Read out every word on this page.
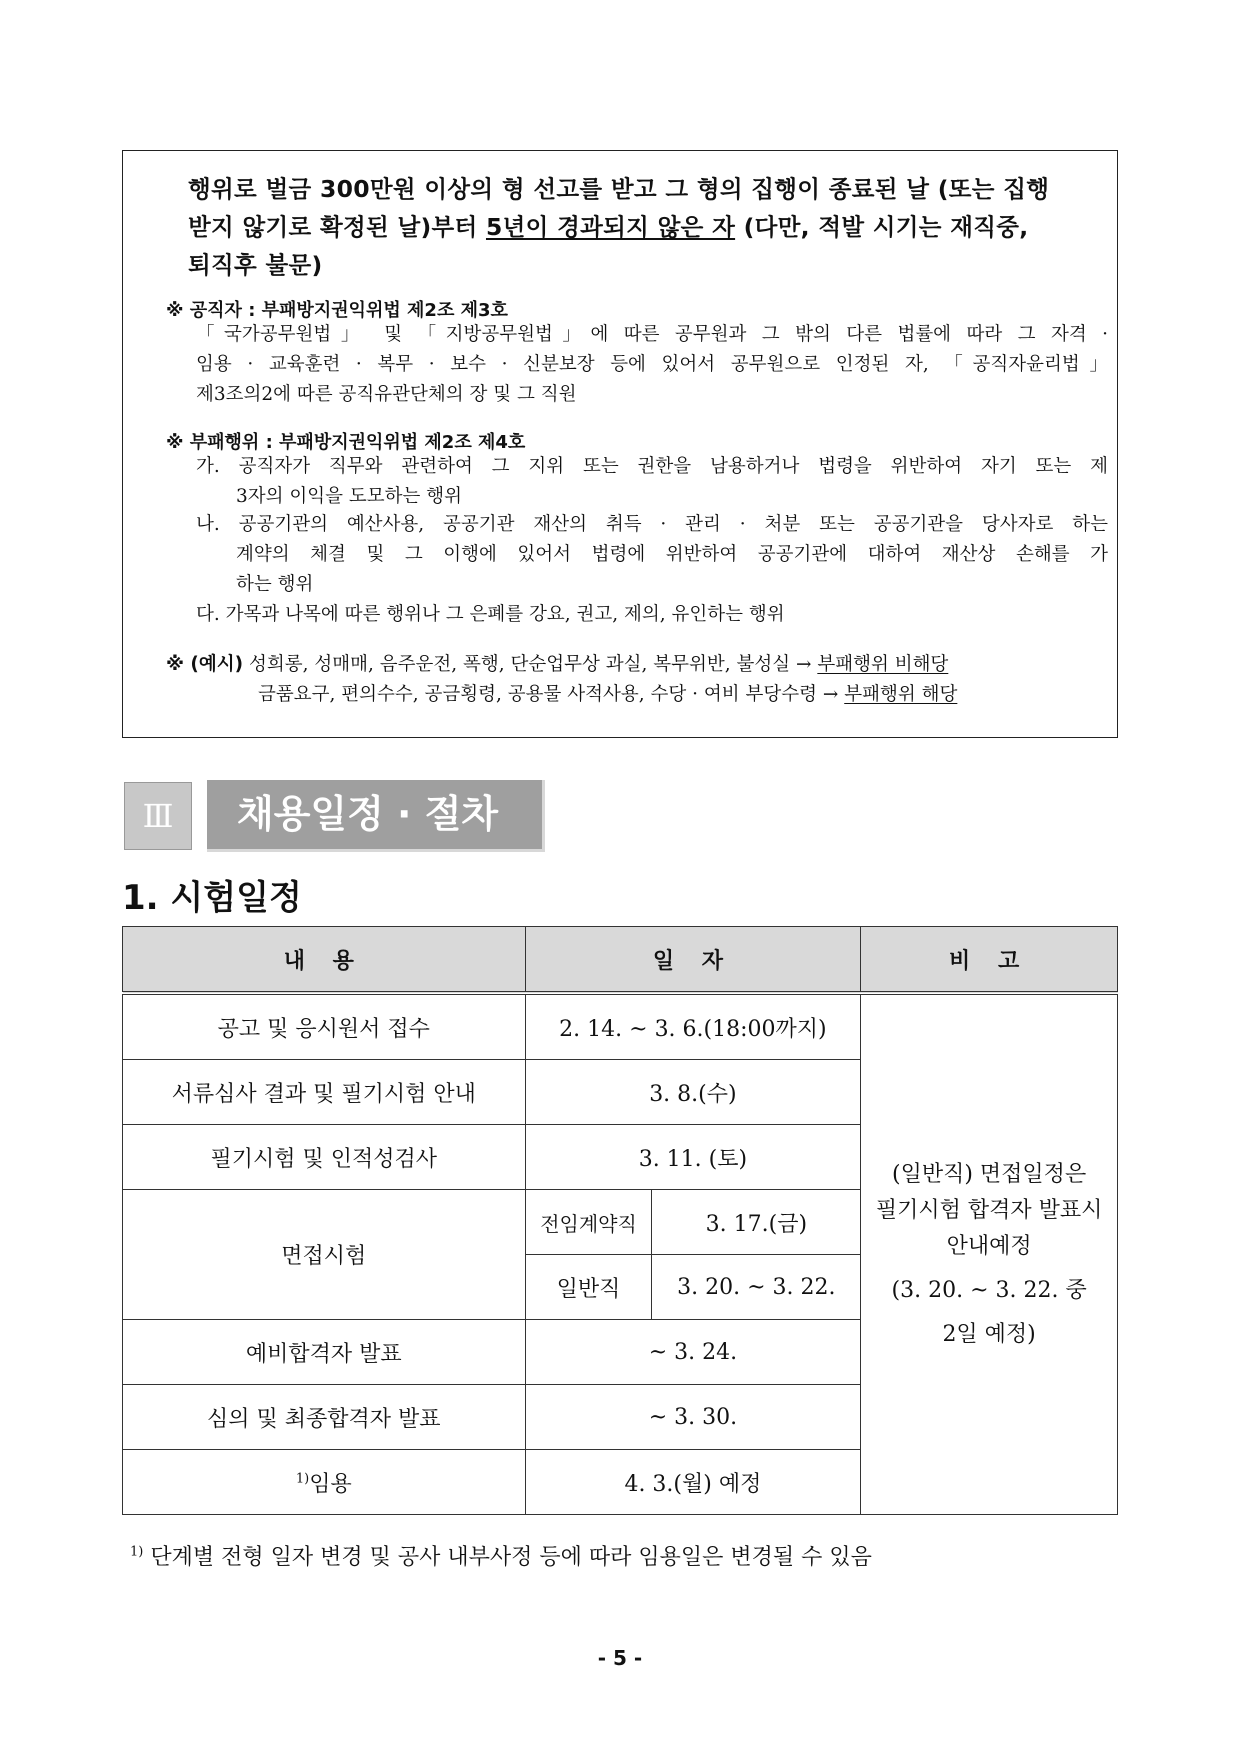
행위로 벌금 300만원 이상의 형 선고를 받고 그 형의 집행이 종료된 날 (또는 집행
받지 않기로 확정된 날)부터 5년이 경과되지 않은 자 (다만, 적발 시기는 재직중,
퇴직후 불문)
※ 공직자 : 부패방지권익위법 제2조 제3호
「국가공무원법」 및 「지방공무원법」에 따른 공무원과 그 밖의 다른 법률에 따라 그 자격 ·
임용 · 교육훈련 · 복무 · 보수 · 신분보장 등에 있어서 공무원으로 인정된 자, 「공직자윤리법」
제3조의2에 따른 공직유관단체의 장 및 그 직원
※ 부패행위 : 부패방지권익위법 제2조 제4호
가. 공직자가 직무와 관련하여 그 지위 또는 권한을 남용하거나 법령을 위반하여 자기 또는 제
3자의 이익을 도모하는 행위
나. 공공기관의 예산사용, 공공기관 재산의 취득 · 관리 · 처분 또는 공공기관을 당사자로 하는
계약의 체결 및 그 이행에 있어서 법령에 위반하여 공공기관에 대하여 재산상 손해를 가
하는 행위
다. 가목과 나목에 따른 행위나 그 은폐를 강요, 권고, 제의, 유인하는 행위
※ (예시) 성희롱, 성매매, 음주운전, 폭행, 단순업무상 과실, 복무위반, 불성실 → 부패행위 비해당
금품요구, 편의수수, 공금횡령, 공용물 사적사용, 수당 · 여비 부당수령 → 부패행위 해당
Ⅲ	채용일정 · 절차
1. 시험일정
내 용	일 자		비 고
공고 및 응시원서 접수	2. 14. ~ 3. 6.(18:00까지)		(일반직) 면접일정은
필기시험 합격자 발표시
안내예정
(3. 20. ~ 3. 22. 중
2일 예정)

서류심사 결과 및 필기시험 안내	3. 8.(수)		
필기시험 및 인적성검사	3. 11. (토)		
면접시험	전임계약직	3. 17.(금)	
	일반직	3. 20. ~ 3. 22.	
예비합격자 발표	~ 3. 24.		
심의 및 최종합격자 발표	~ 3. 30.		
$^{1)}$임용	4. 3.(월) 예정		
$^{1)}$ 단계별 전형 일자 변경 및 공사 내부사정 등에 따라 임용일은 변경될 수 있음
- 5 -
